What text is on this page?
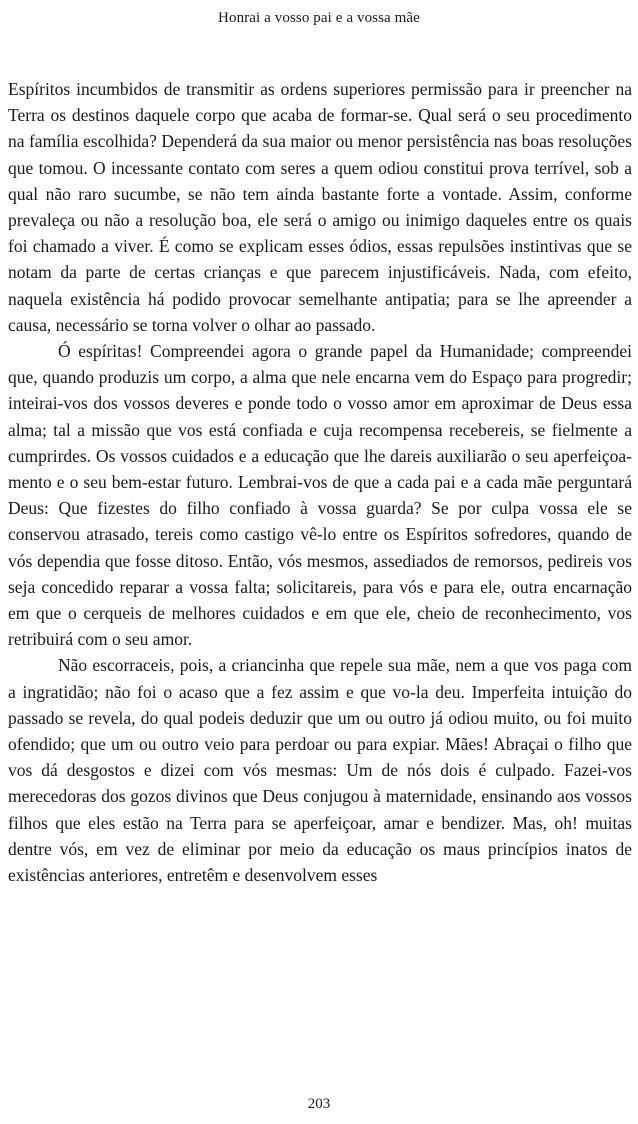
Honrai a vosso pai e a vossa mãe

Espíritos incumbidos de transmitir as ordens superiores permissão para ir preencher na Terra os destinos daquele corpo que acaba de formar-se. Qual será o seu procedimento na família escolhida? Dependerá da sua maior ou menor persistência nas boas resoluções que tomou. O incessante contato com seres a quem odiou constitui prova terrível, sob a qual não raro sucumbe, se não tem ainda bastante forte a vontade. Assim, conforme prevaleça ou não a resolução boa, ele será o amigo ou inimigo daqueles entre os quais foi chamado a viver. É como se explicam esses ódios, essas repulsões instintivas que se notam da parte de certas crianças e que parecem injustificáveis. Nada, com efeito, naquela existência há podido provocar semelhante antipatia; para se lhe apreender a causa, necessário se torna volver o olhar ao passado.

Ó espíritas! Compreendei agora o grande papel da Humanidade; compreendei que, quando produzis um corpo, a alma que nele encarna vem do Espaço para progredir; inteirai-vos dos vossos deveres e ponde todo o vosso amor em aproximar de Deus essa alma; tal a missão que vos está confiada e cuja recompensa recebereis, se fielmente a cumprirdes. Os vossos cuidados e a educação que lhe dareis auxiliarão o seu aperfeiçoamento e o seu bem-estar futuro. Lembrai-vos de que a cada pai e a cada mãe perguntará Deus: Que fizestes do filho confiado à vossa guarda? Se por culpa vossa ele se conservou atrasado, tereis como castigo vê-lo entre os Espíritos sofredores, quando de vós dependia que fosse ditoso. Então, vós mesmos, assediados de remorsos, pedireis vos seja concedido reparar a vossa falta; solicitareis, para vós e para ele, outra encarnação em que o cerqueis de melhores cuidados e em que ele, cheio de reconhecimento, vos retribuirá com o seu amor.

Não escorraceis, pois, a criancinha que repele sua mãe, nem a que vos paga com a ingratidão; não foi o acaso que a fez assim e que vo-la deu. Imperfeita intuição do passado se revela, do qual podeis deduzir que um ou outro já odiou muito, ou foi muito ofendido; que um ou outro veio para perdoar ou para expiar. Mães! Abraçai o filho que vos dá desgostos e dizei com vós mesmas: Um de nós dois é culpado. Fazei-vos merecedoras dos gozos divinos que Deus conjugou à maternidade, ensinando aos vossos filhos que eles estão na Terra para se aperfeiçoar, amar e bendizer. Mas, oh! muitas dentre vós, em vez de eliminar por meio da educação os maus princípios inatos de existências anteriores, entretêm e desenvolvem esses

203
